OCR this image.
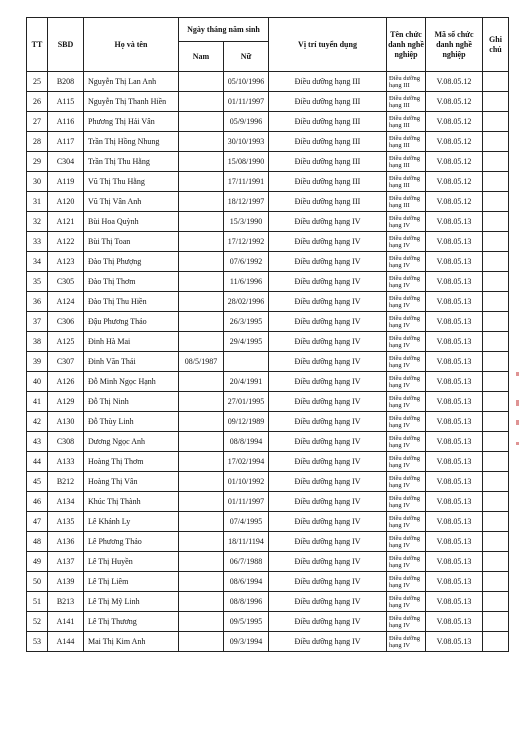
TT	SBD	Họ và tên	Ngày tháng năm sinh		Vị trí tuyển dụng	Tên chức danh nghề nghiệp	Mã số chức danh nghề nghiệp	Ghi chú
			Nam	Nữ				
25	B208	Nguyễn Thị Lan Anh		05/10/1996	Điều dưỡng hạng III	Điều dưỡng hạng III	V.08.05.12	
26	A115	Nguyễn Thị Thanh Hiền		01/11/1997	Điều dưỡng hạng III	Điều dưỡng hạng III	V.08.05.12	
27	A116	Phương Thị Hải Vân		05/9/1996	Điều dưỡng hạng III	Điều dưỡng hạng III	V.08.05.12	
28	A117	Trần Thị Hồng Nhung		30/10/1993	Điều dưỡng hạng III	Điều dưỡng hạng III	V.08.05.12	
29	C304	Trần Thị Thu Hằng		15/08/1990	Điều dưỡng hạng III	Điều dưỡng hạng III	V.08.05.12	
30	A119	Vũ Thị Thu Hằng		17/11/1991	Điều dưỡng hạng III	Điều dưỡng hạng III	V.08.05.12	
31	A120	Vũ Thị Vân Anh		18/12/1997	Điều dưỡng hạng III	Điều dưỡng hạng III	V.08.05.12	
32	A121	Bùi Hoa Quỳnh		15/3/1990	Điều dưỡng hạng IV	Điều dưỡng hạng IV	V.08.05.13	
33	A122	Bùi Thị Toan		17/12/1992	Điều dưỡng hạng IV	Điều dưỡng hạng IV	V.08.05.13	
34	A123	Đào Thị Phượng		07/6/1992	Điều dưỡng hạng IV	Điều dưỡng hạng IV	V.08.05.13	
35	C305	Đào Thị Thơm		11/6/1996	Điều dưỡng hạng IV	Điều dưỡng hạng IV	V.08.05.13	
36	A124	Đào Thị Thu Hiền		28/02/1996	Điều dưỡng hạng IV	Điều dưỡng hạng IV	V.08.05.13	
37	C306	Đậu Phương Thảo		26/3/1995	Điều dưỡng hạng IV	Điều dưỡng hạng IV	V.08.05.13	
38	A125	Đinh Hà Mai		29/4/1995	Điều dưỡng hạng IV	Điều dưỡng hạng IV	V.08.05.13	
39	C307	Đinh Văn Thái	08/5/1987		Điều dưỡng hạng IV	Điều dưỡng hạng IV	V.08.05.13	
40	A126	Đỗ Minh Ngọc Hạnh		20/4/1991	Điều dưỡng hạng IV	Điều dưỡng hạng IV	V.08.05.13	
41	A129	Đỗ Thị Ninh		27/01/1995	Điều dưỡng hạng IV	Điều dưỡng hạng IV	V.08.05.13	
42	A130	Đỗ Thùy Linh		09/12/1989	Điều dưỡng hạng IV	Điều dưỡng hạng IV	V.08.05.13	
43	C308	Dương Ngọc Anh		08/8/1994	Điều dưỡng hạng IV	Điều dưỡng hạng IV	V.08.05.13	
44	A133	Hoàng Thị Thơm		17/02/1994	Điều dưỡng hạng IV	Điều dưỡng hạng IV	V.08.05.13	
45	B212	Hoàng Thị Vân		01/10/1992	Điều dưỡng hạng IV	Điều dưỡng hạng IV	V.08.05.13	
46	A134	Khúc Thị Thành		01/11/1997	Điều dưỡng hạng IV	Điều dưỡng hạng IV	V.08.05.13	
47	A135	Lê Khánh Ly		07/4/1995	Điều dưỡng hạng IV	Điều dưỡng hạng IV	V.08.05.13	
48	A136	Lê Phương Thảo		18/11/1194	Điều dưỡng hạng IV	Điều dưỡng hạng IV	V.08.05.13	
49	A137	Lê Thị Huyền		06/7/1988	Điều dưỡng hạng IV	Điều dưỡng hạng IV	V.08.05.13	
50	A139	Lê Thị Liêm		08/6/1994	Điều dưỡng hạng IV	Điều dưỡng hạng IV	V.08.05.13	
51	B213	Lê Thị Mỹ Linh		08/8/1996	Điều dưỡng hạng IV	Điều dưỡng hạng IV	V.08.05.13	
52	A141	Lê Thị Thương		09/5/1995	Điều dưỡng hạng IV	Điều dưỡng hạng IV	V.08.05.13	
53	A144	Mai Thị Kim Anh		09/3/1994	Điều dưỡng hạng IV	Điều dưỡng hạng IV	V.08.05.13	
